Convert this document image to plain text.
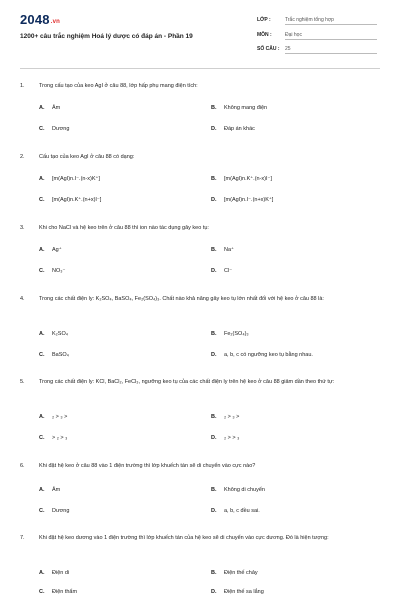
2048.vn
1200+ câu trắc nghiệm Hoá lý dược có đáp án - Phần 19
LỚP :	Trắc nghiệm tổng hợp
MÔN :	Đại học
SỐ CÂU : 25
1.	Trong cấu tạo của keo AgI ở câu 88, lớp hấp phụ mang điện tích:
A. Âm	B. Không mang điện
C. Dương	D. Đáp án khác
2.	Cấu tạo của keo AgI ở câu 88 có dạng:
A. [m(AgI)n.I⁻.(n-x)K⁺]	B. [m(AgI)n.K⁺.(n-x)I⁻]
C. [m(AgI)n.K⁺.(n+x)I⁻]	D. [m(AgI)n.I⁻.(n+x)K⁺]
3.	Khi cho NaCl và hệ keo trên ở câu 88 thì ion nào tác dụng gây keo tụ:
A. Ag⁺	B. Na⁺
C. NO₃⁻	D. Cl⁻
4.	Trong các chất điện ly: K₂SO₄, BaSO₄, Fe₂(SO₄)₃. Chất nào khả năng gây keo tụ lớn nhất đối với hệ keo ở câu 88 là:
A. K₂SO₄	B. Fe₂(SO₄)₃
C. BaSO₄	D. a, b, c có ngưỡng keo tụ bằng nhau.
5.	Trong các chất điện ly: KCl, BaCl₂, FeCl₃, ngưỡng keo tụ của các chất điện ly trên hệ keo ở câu 88 giảm dần theo thứ tự:
A. ₂ > ₃ >	B. ₂ > ₃ >
C. > ₂ > ₃	D. ₂ > > ₃
6.	Khi đặt hệ keo ở câu 88 vào 1 điện trường thì lớp khuếch tán sẽ di chuyển vào cực nào?
A. Âm	B. Không di chuyển
C. Dương	D. a, b, c đều sai.
7.	Khi đặt hệ keo dương vào 1 điện trường thì lớp khuếch tán của hệ keo sẽ di chuyển vào cực dương. Đó là hiện tượng:
A. Điện di	B. Điện thế chảy
C. Điện thẩm	D. Điện thế sa lắng
